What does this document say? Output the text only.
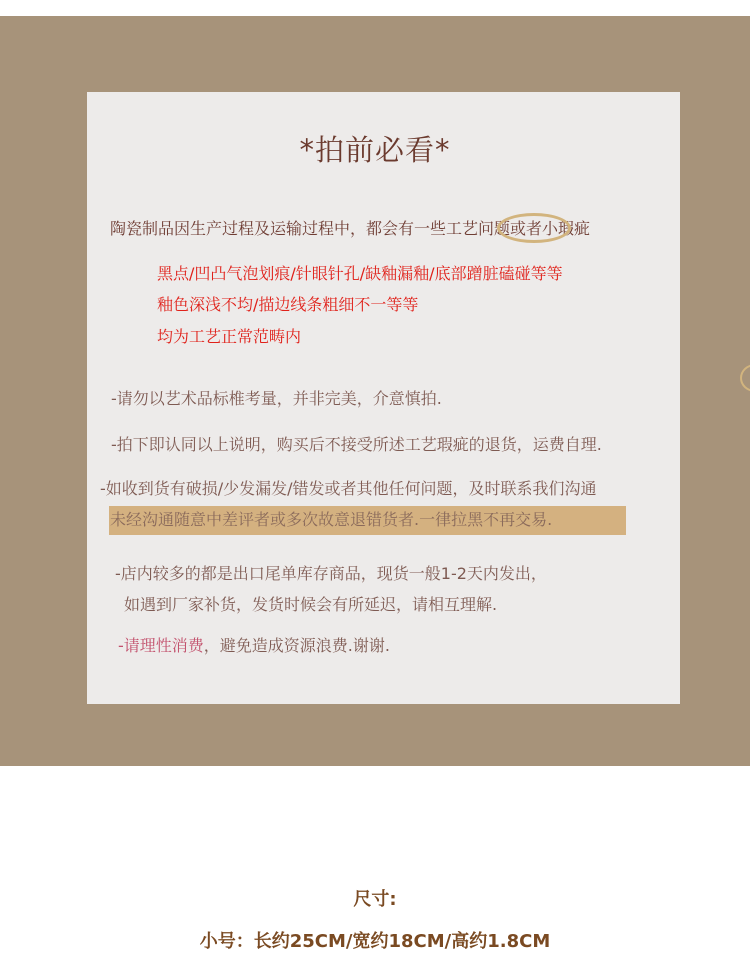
*拍前必看*
陶瓷制品因生产过程及运输过程中，都会有一些工艺问题或者小瑕疵
黑点/凹凸气泡划痕/针眼针孔/缺釉漏釉/底部蹭脏磕碰等等
釉色深浅不均/描边线条粗细不一等等
均为工艺正常范畴内
-请勿以艺术品标椎考量，并非完美，介意慎拍.
-拍下即认同以上说明，购买后不接受所述工艺瑕疵的退货，运费自理.
-如收到货有破损/少发漏发/错发或者其他任何问题，及时联系我们沟通
未经沟通随意中差评者或多次故意退错货者.一律拉黑不再交易.
-店内较多的都是出口尾单库存商品，现货一般1-2天内发出，
如遇到厂家补货，发货时候会有所延迟，请相互理解.
-请理性消费，避免造成资源浪费.谢谢.
尺寸:
小号：长约25CM/宽约18CM/高约1.8CM
